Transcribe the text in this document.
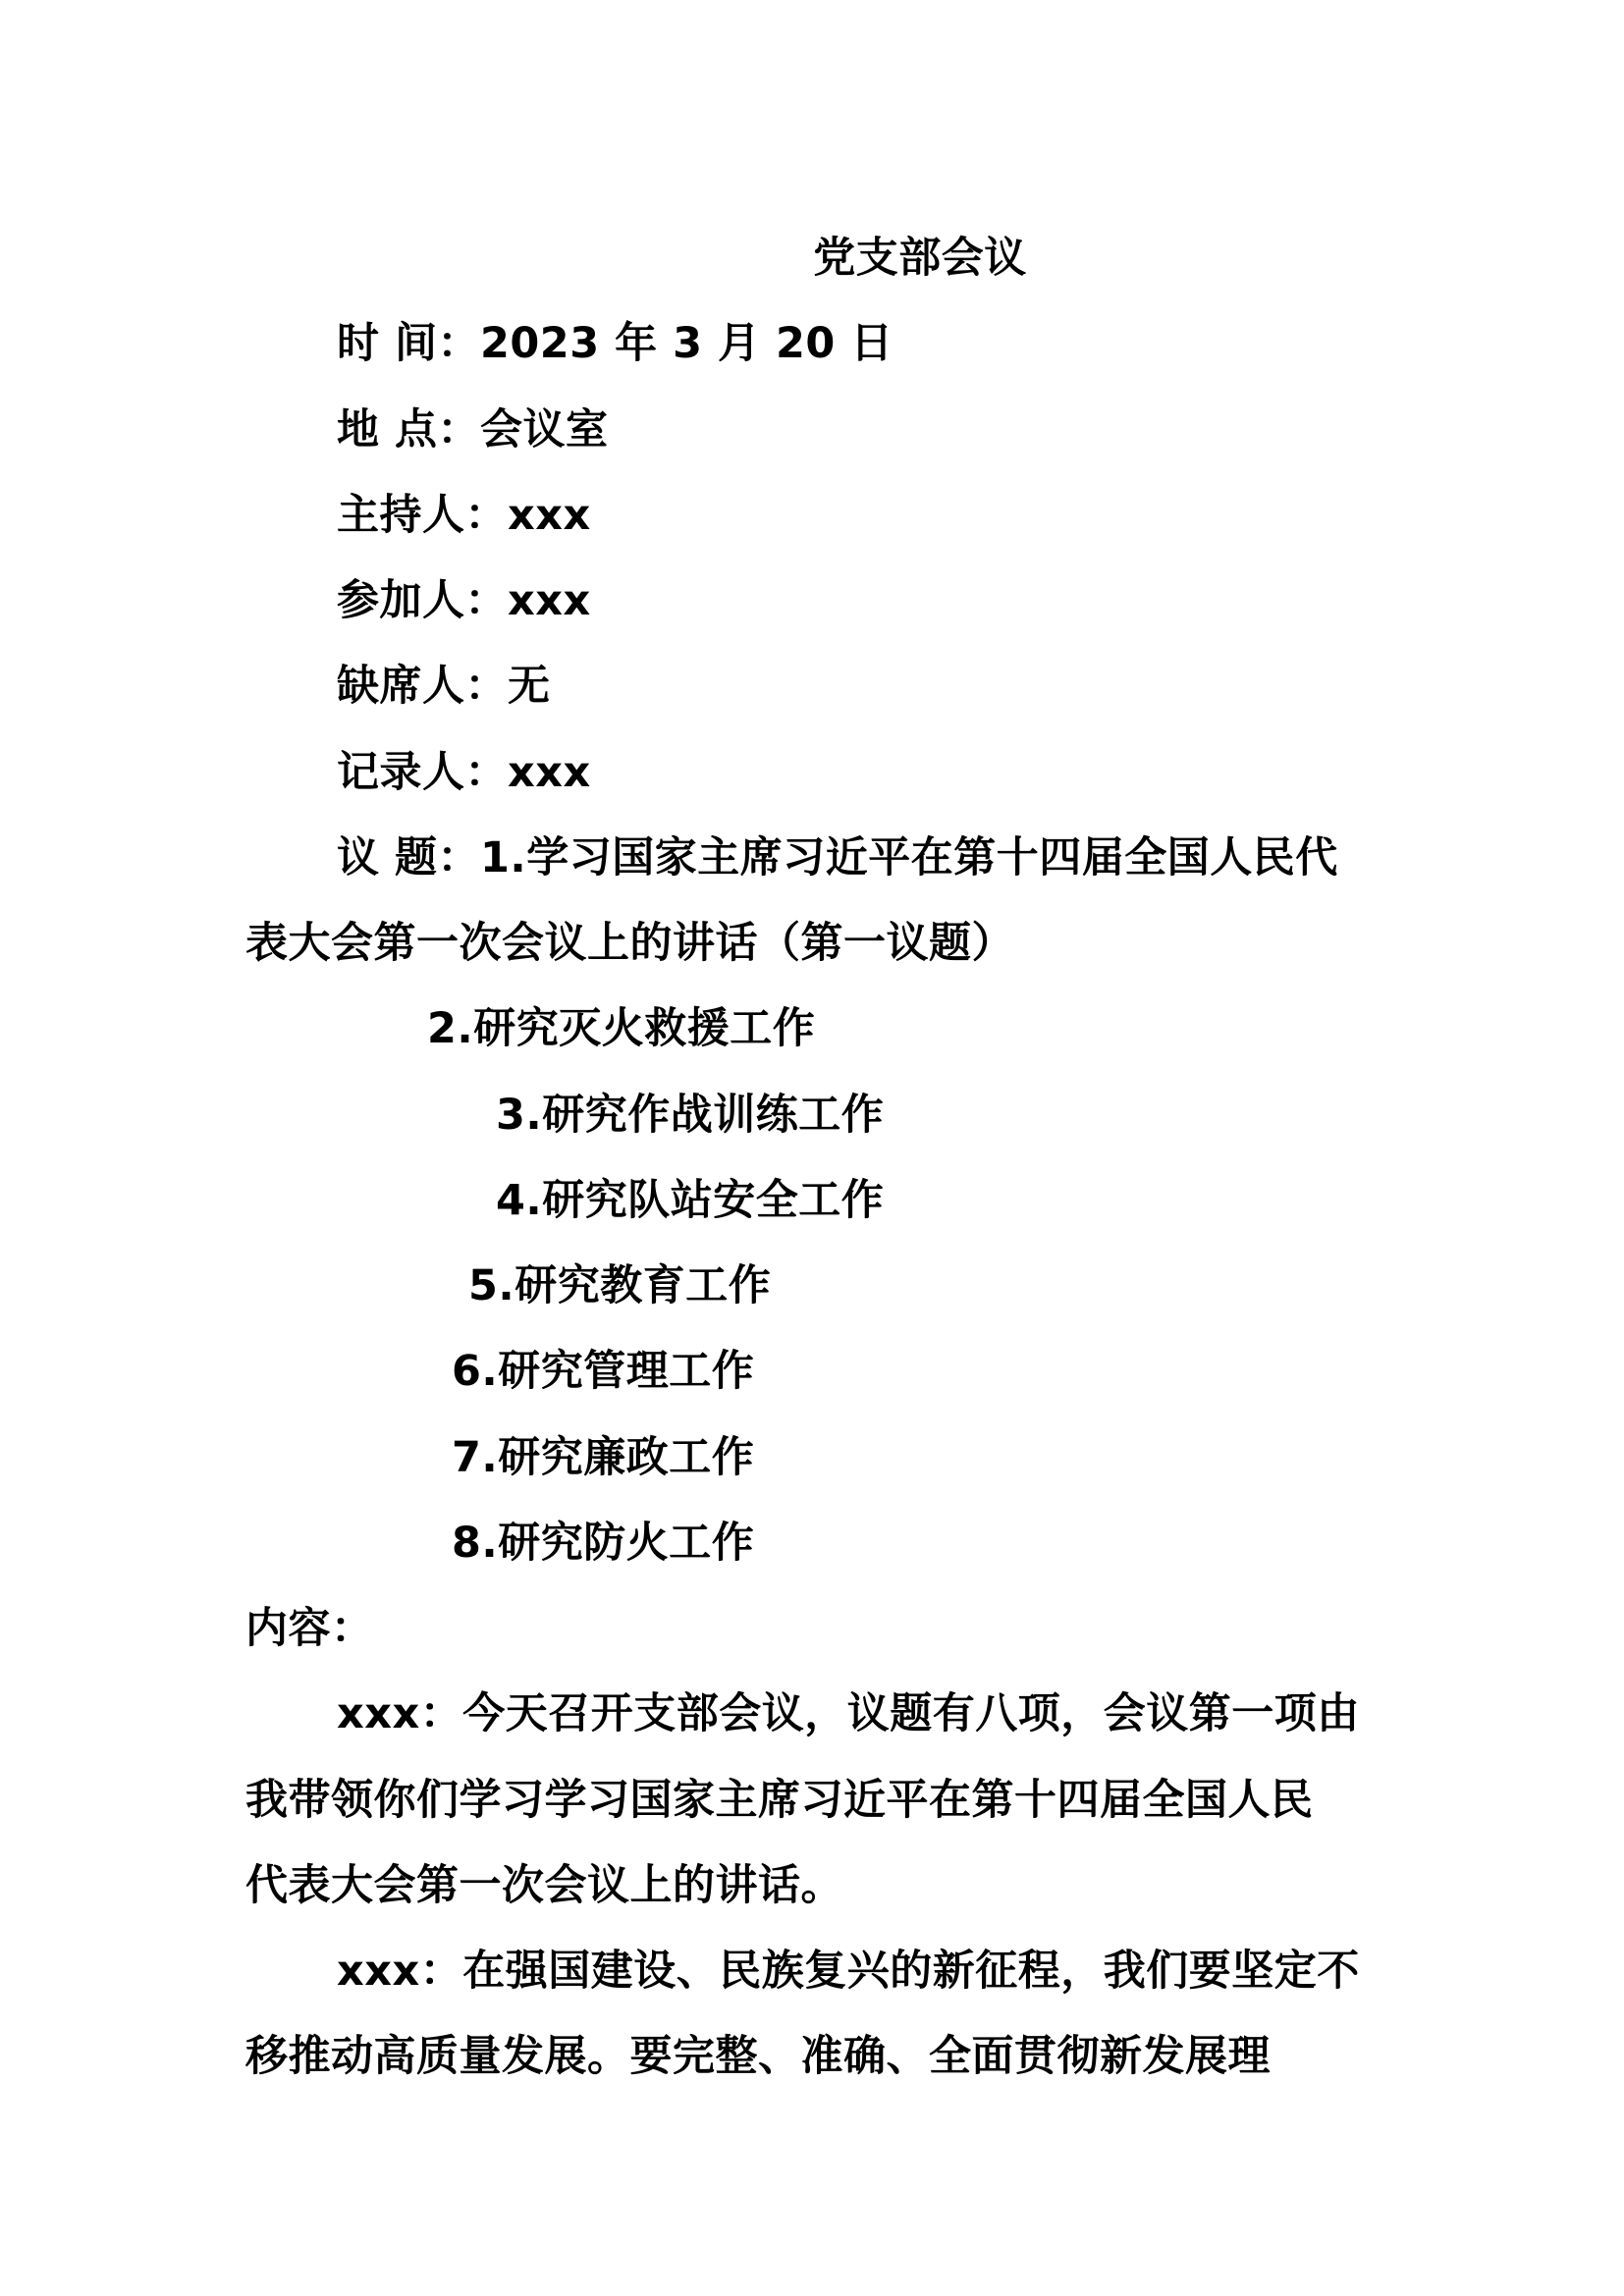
党支部会议
时 间：2023 年 3 月 20 日
地 点：会议室
主持人：xxx
参加人：xxx
缺席人：无
记录人：xxx
议 题：1.学习国家主席习近平在第十四届全国人民代
表大会第一次会议上的讲话（第一议题）
2.研究灭火救援工作
3.研究作战训练工作
4.研究队站安全工作
5.研究教育工作
6.研究管理工作
7.研究廉政工作
8.研究防火工作
内容：
xxx：今天召开支部会议，议题有八项，会议第一项由
我带领你们学习学习国家主席习近平在第十四届全国人民
代表大会第一次会议上的讲话。
xxx：在强国建设、民族复兴的新征程，我们要坚定不
移推动高质量发展。要完整、准确、全面贯彻新发展理
